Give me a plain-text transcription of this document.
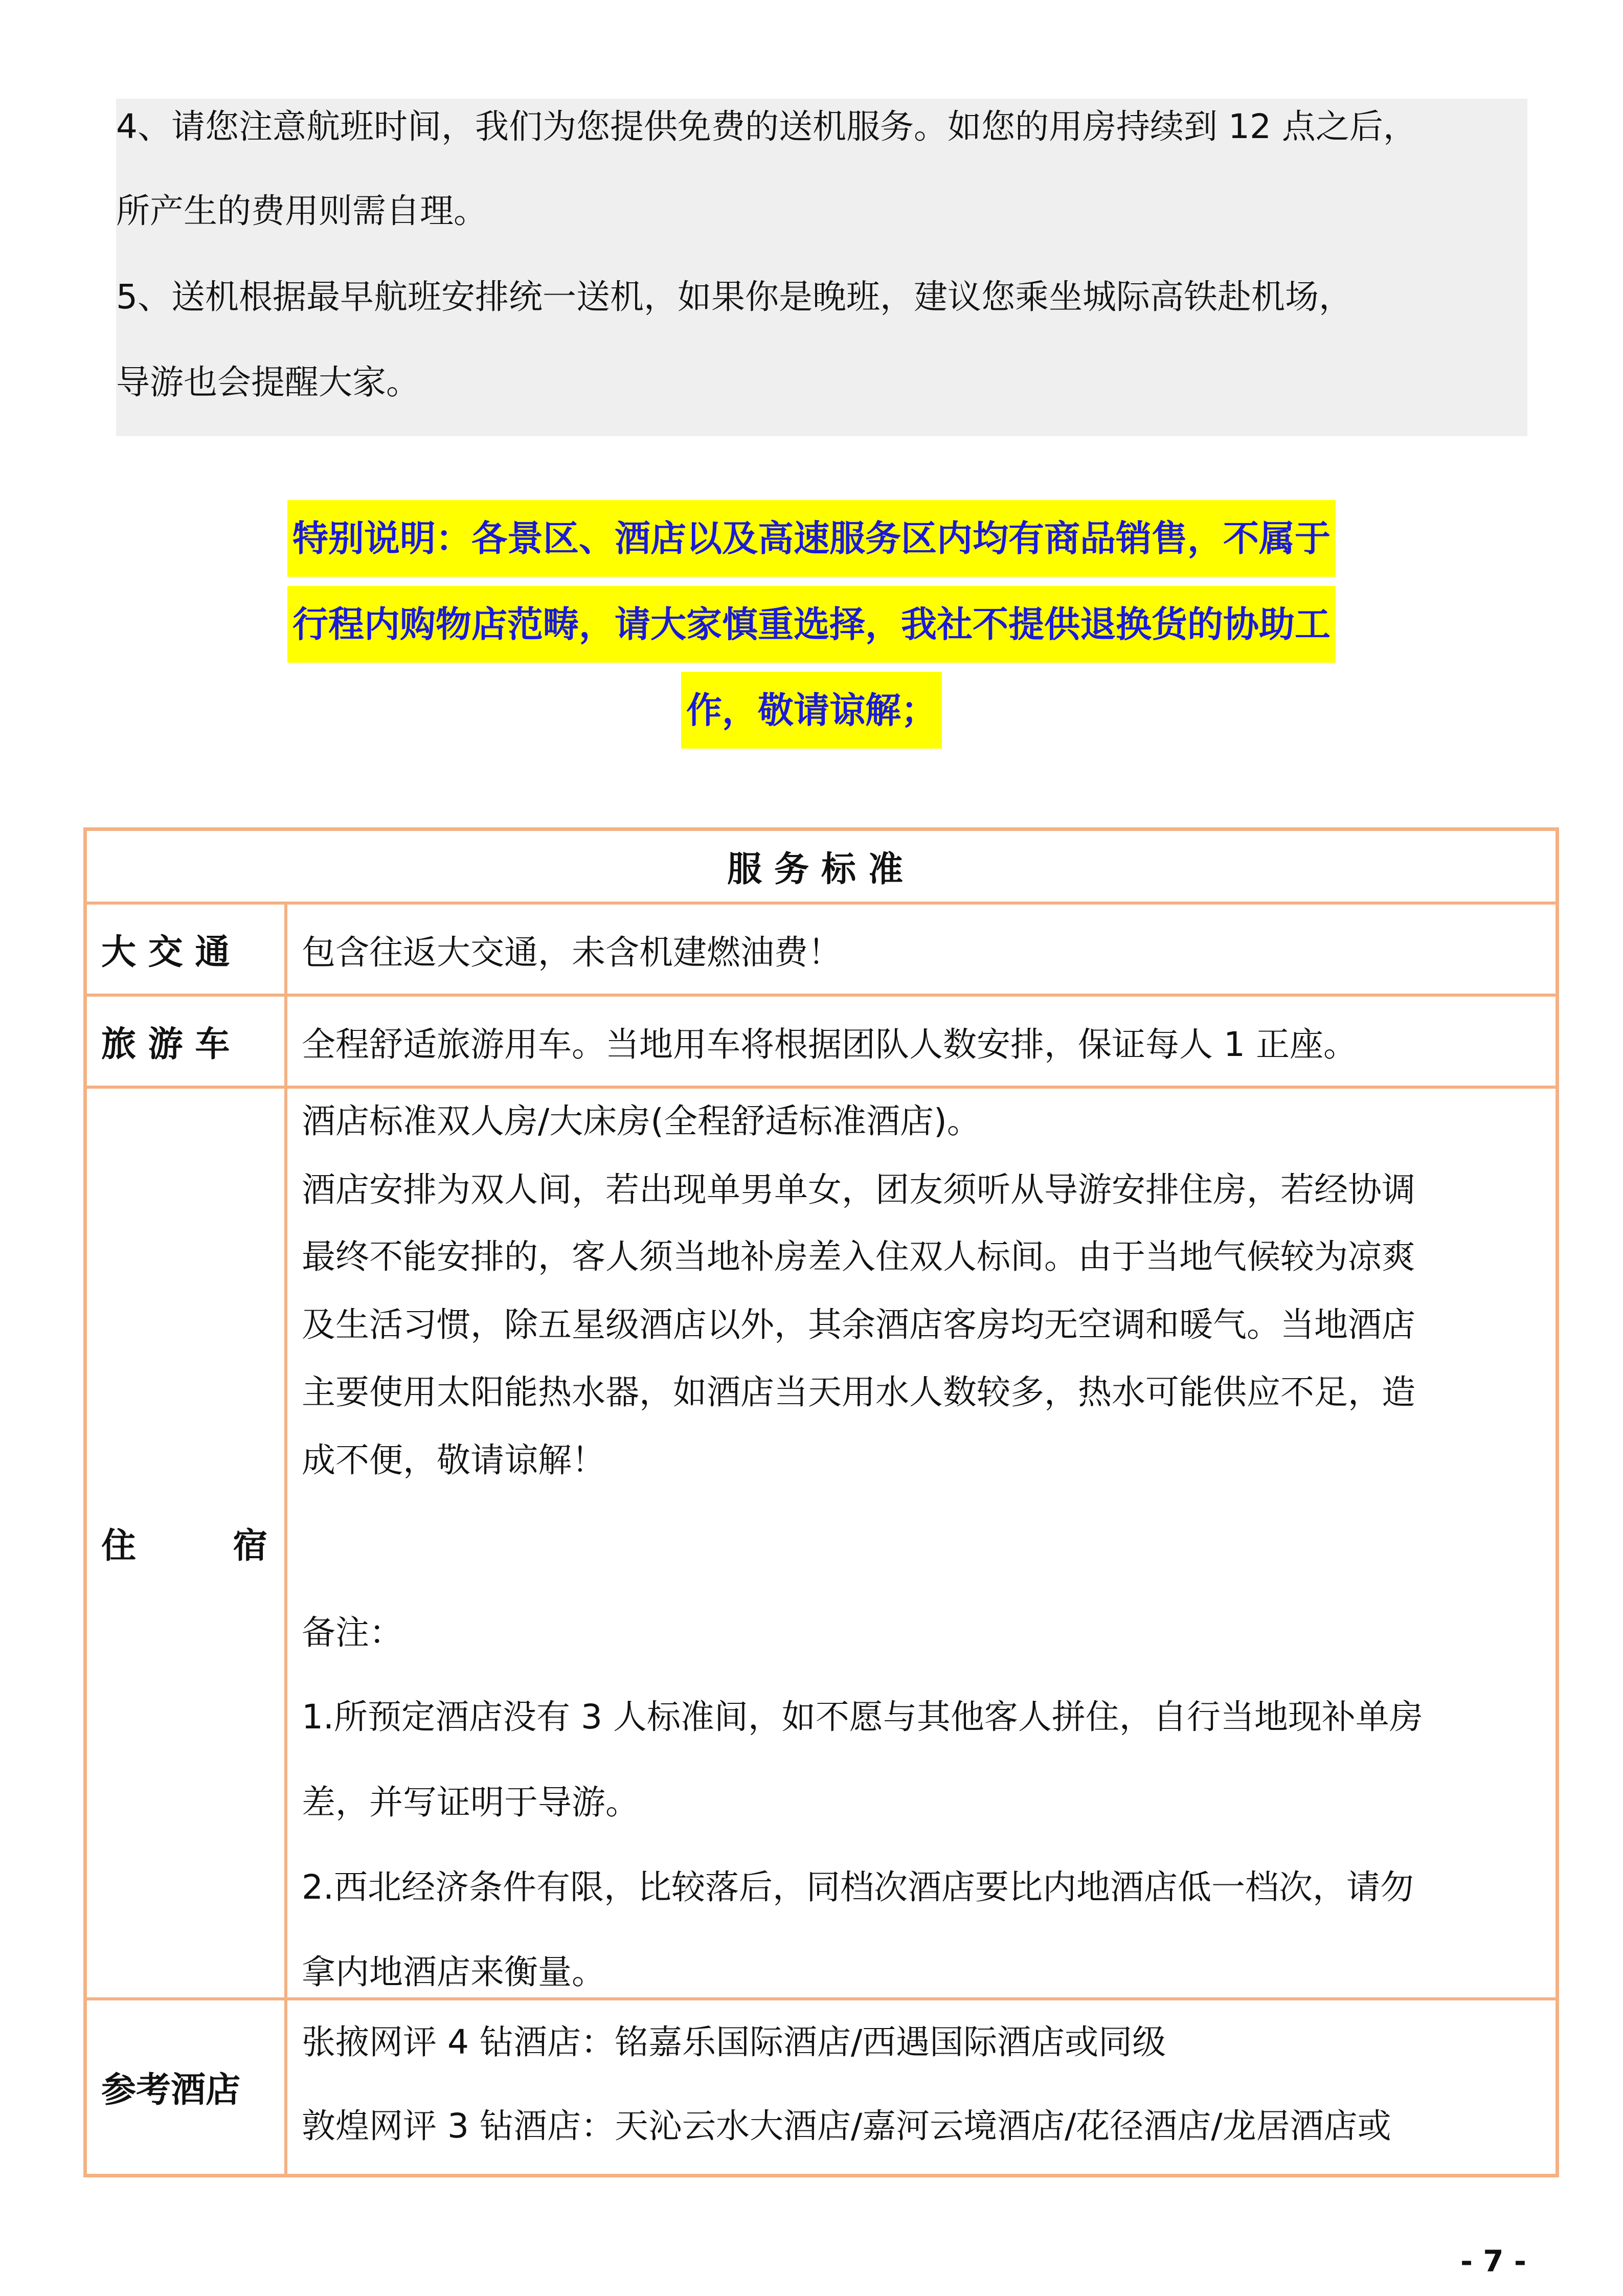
4、请您注意航班时间，我们为您提供免费的送机服务。如您的用房持续到 12 点之后，
所产生的费用则需自理。
5、送机根据最早航班安排统一送机，如果你是晚班，建议您乘坐城际高铁赴机场，
导游也会提醒大家。
特别说明：各景区、酒店以及高速服务区内均有商品销售，不属于
行程内购物店范畴，请大家慎重选择，我社不提供退换货的协助工
作，敬请谅解；
服务标准
大 交 通	包含往返大交通，未含机建燃油费！
旅 游 车	全程舒适旅游用车。当地用车将根据团队人数安排，保证每人 1 正座。
住        宿
酒店标准双人房/大床房(全程舒适标准酒店)。
酒店安排为双人间，若出现单男单女，团友须听从导游安排住房，若经协调
最终不能安排的，客人须当地补房差入住双人标间。由于当地气候较为凉爽
及生活习惯，除五星级酒店以外，其余酒店客房均无空调和暖气。当地酒店
主要使用太阳能热水器，如酒店当天用水人数较多，热水可能供应不足，造
成不便，敬请谅解！
备注：
1.所预定酒店没有 3 人标准间，如不愿与其他客人拼住，自行当地现补单房
差，并写证明于导游。
2.西北经济条件有限，比较落后，同档次酒店要比内地酒店低一档次，请勿
拿内地酒店来衡量。
参考酒店
张掖网评 4 钻酒店：铭嘉乐国际酒店/西遇国际酒店或同级
敦煌网评 3 钻酒店：天沁云水大酒店/嘉河云境酒店/花径酒店/龙居酒店或
- 7 -
